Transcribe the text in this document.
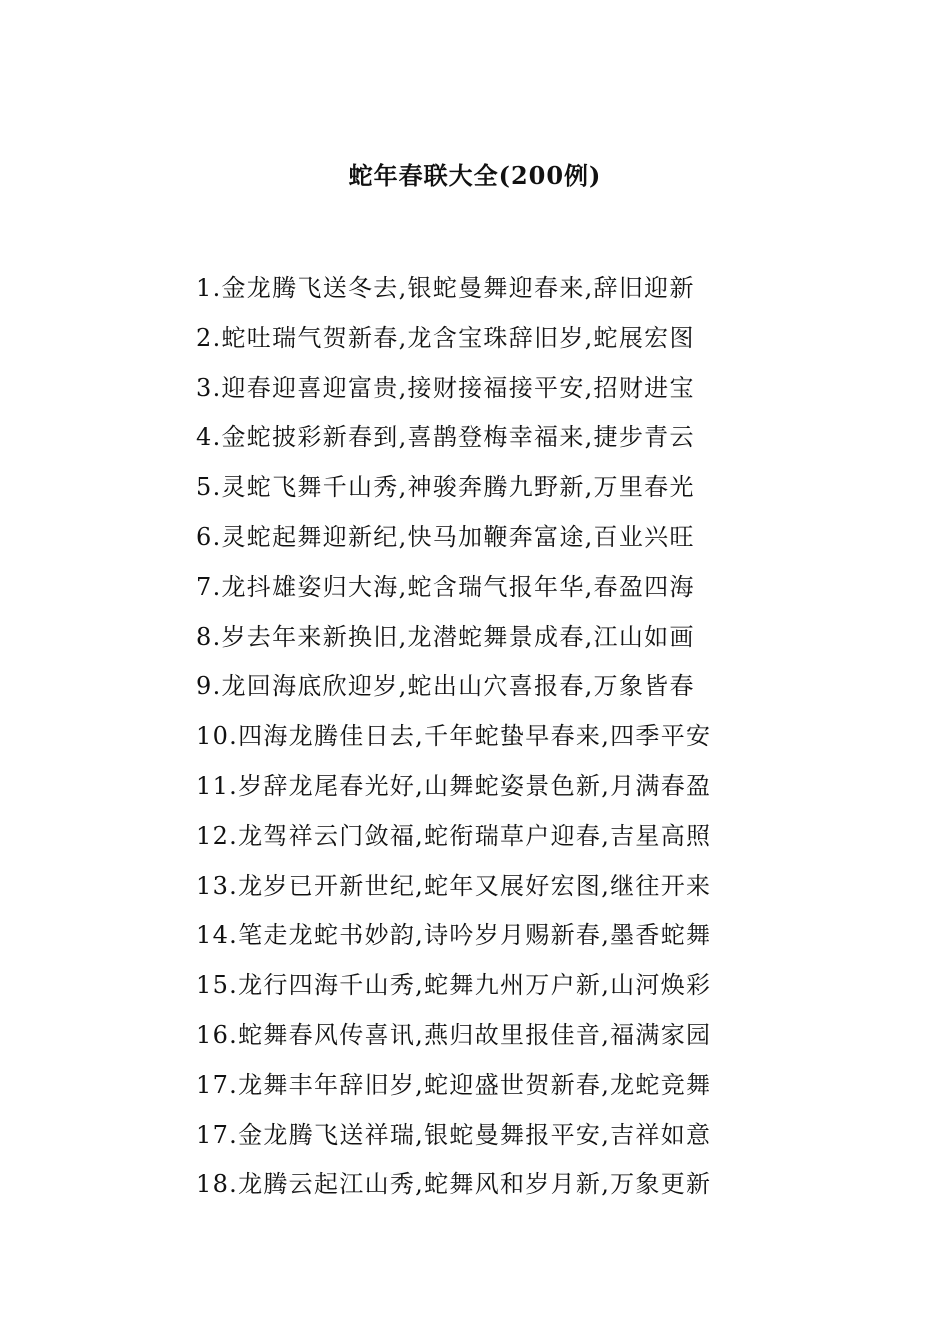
蛇年春联大全(200例)
1.金龙腾飞送冬去,银蛇曼舞迎春来,辞旧迎新
2.蛇吐瑞气贺新春,龙含宝珠辞旧岁,蛇展宏图
3.迎春迎喜迎富贵,接财接福接平安,招财进宝
4.金蛇披彩新春到,喜鹊登梅幸福来,捷步青云
5.灵蛇飞舞千山秀,神骏奔腾九野新,万里春光
6.灵蛇起舞迎新纪,快马加鞭奔富途,百业兴旺
7.龙抖雄姿归大海,蛇含瑞气报年华,春盈四海
8.岁去年来新换旧,龙潜蛇舞景成春,江山如画
9.龙回海底欣迎岁,蛇出山穴喜报春,万象皆春
10.四海龙腾佳日去,千年蛇蛰早春来,四季平安
11.岁辞龙尾春光好,山舞蛇姿景色新,月满春盈
12.龙驾祥云门敛福,蛇衔瑞草户迎春,吉星高照
13.龙岁已开新世纪,蛇年又展好宏图,继往开来
14.笔走龙蛇书妙韵,诗吟岁月赐新春,墨香蛇舞
15.龙行四海千山秀,蛇舞九州万户新,山河焕彩
16.蛇舞春风传喜讯,燕归故里报佳音,福满家园
17.龙舞丰年辞旧岁,蛇迎盛世贺新春,龙蛇竞舞
17.金龙腾飞送祥瑞,银蛇曼舞报平安,吉祥如意
18.龙腾云起江山秀,蛇舞风和岁月新,万象更新
